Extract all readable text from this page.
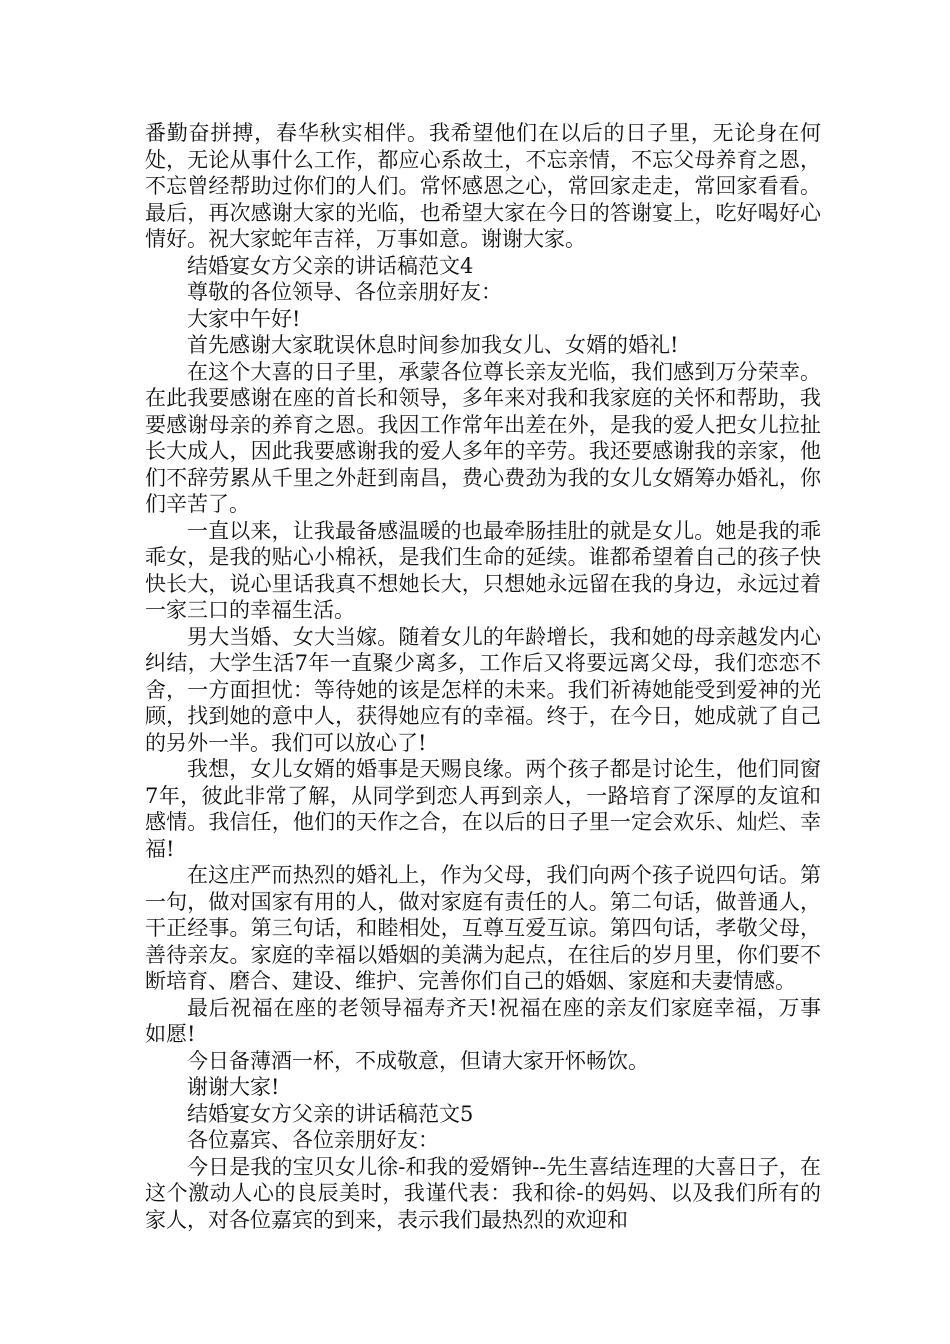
番勤奋拼搏，春华秋实相伴。我希望他们在以后的日子里，无论身在何处，无论从事什么工作，都应心系故土，不忘亲情，不忘父母养育之恩，不忘曾经帮助过你们的人们。常怀感恩之心，常回家走走，常回家看看。最后，再次感谢大家的光临，也希望大家在今日的答谢宴上，吃好喝好心情好。祝大家蛇年吉祥，万事如意。谢谢大家。

结婚宴女方父亲的讲话稿范文4

尊敬的各位领导、各位亲朋好友：

大家中午好!

首先感谢大家耽误休息时间参加我女儿、女婿的婚礼!

在这个大喜的日子里，承蒙各位尊长亲友光临，我们感到万分荣幸。在此我要感谢在座的首长和领导，多年来对我和我家庭的关怀和帮助，我要感谢母亲的养育之恩。我因工作常年出差在外，是我的爱人把女儿拉扯长大成人，因此我要感谢我的爱人多年的辛劳。我还要感谢我的亲家，他们不辞劳累从千里之外赶到南昌，费心费劲为我的女儿女婿筹办婚礼，你们辛苦了。

一直以来，让我最备感温暖的也最牵肠挂肚的就是女儿。她是我的乖乖女，是我的贴心小棉袄，是我们生命的延续。谁都希望着自己的孩子快快长大，说心里话我真不想她长大，只想她永远留在我的身边，永远过着一家三口的幸福生活。

男大当婚、女大当嫁。随着女儿的年龄增长，我和她的母亲越发内心纠结，大学生活7年一直聚少离多，工作后又将要远离父母，我们恋恋不舍，一方面担忧：等待她的该是怎样的未来。我们祈祷她能受到爱神的光顾，找到她的意中人，获得她应有的幸福。终于，在今日，她成就了自己的另外一半。我们可以放心了!

我想，女儿女婿的婚事是天赐良缘。两个孩子都是讨论生，他们同窗7年，彼此非常了解，从同学到恋人再到亲人，一路培育了深厚的友谊和感情。我信任，他们的天作之合，在以后的日子里一定会欢乐、灿烂、幸福!

在这庄严而热烈的婚礼上，作为父母，我们向两个孩子说四句话。第一句，做对国家有用的人，做对家庭有责任的人。第二句话，做普通人，干正经事。第三句话，和睦相处，互尊互爱互谅。第四句话，孝敬父母，善待亲友。家庭的幸福以婚姻的美满为起点，在往后的岁月里，你们要不断培育、磨合、建设、维护、完善你们自己的婚姻、家庭和夫妻情感。

最后祝福在座的老领导福寿齐天!祝福在座的亲友们家庭幸福，万事如愿!

今日备薄酒一杯，不成敬意，但请大家开怀畅饮。

谢谢大家!

结婚宴女方父亲的讲话稿范文5

各位嘉宾、各位亲朋好友：

今日是我的宝贝女儿徐-和我的爱婿钟--先生喜结连理的大喜日子，在这个激动人心的良辰美时，我谨代表：我和徐-的妈妈、以及我们所有的家人，对各位嘉宾的到来，表示我们最热烈的欢迎和
